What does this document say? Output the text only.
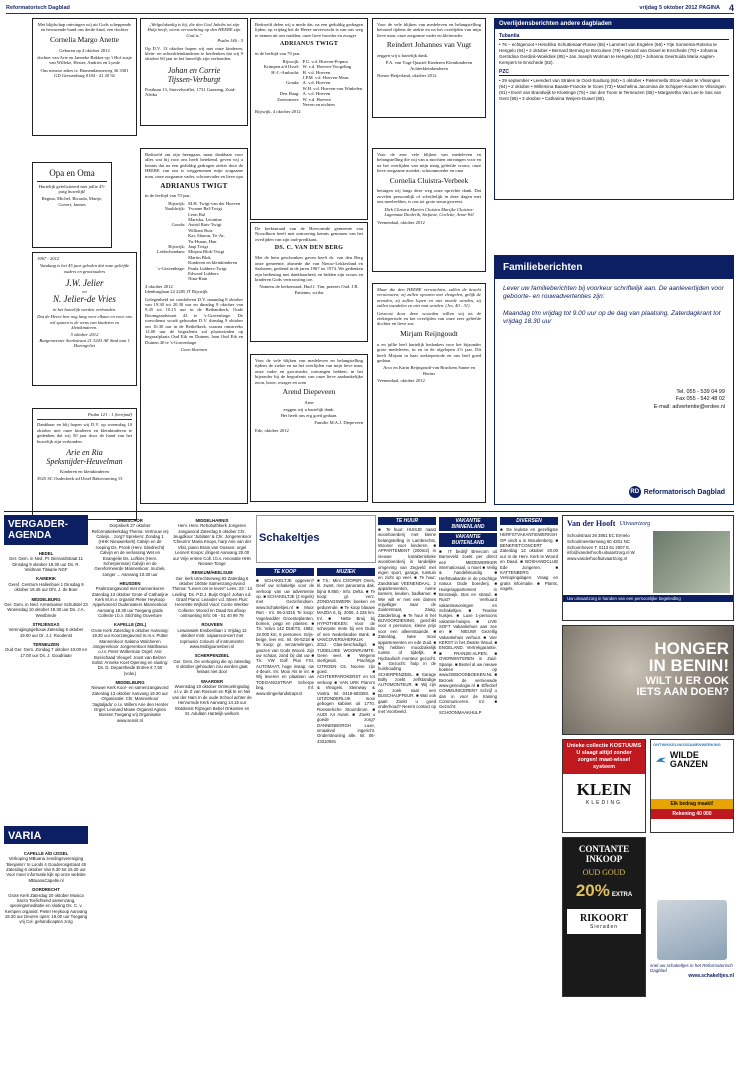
Reformatorisch Dagblad	vrijdag 5 oktober 2012 PAGINA 4
Met blijdschap ontvingen wij uit Gods scheppende en bewarende hand ons derde kind, een dochter
Cornelia Margo Anette
Geboren op 4 oktober 2012
dochter van Arie en Janneke Bakker-op 't Hof zusje van Willeke, Hester, Andries en Lynde
Ons nieuwe adres is: Binnendamseweg 36 3381 GD Giessenburg 0184 - 41 20 92
Opa en Oma
Hartelijk gefeliciteerd met jullie 45-jarig huwelijk!
Regina, Michel, Ricarda, Martje, Govert, Jannes
1967 - 2012
Vandaag is het 45 jaar geleden dat onze geliefde ouders en grootouders
J.W. Jelier
en
N. Jelier-de Vries
in het huwelijk werden verbonden.
Dat de Heere hen nog lang voor elkaar en voor ons wil sparen is de wens van kinderen en kleinkinderen.
5 oktober 2012
Burgemeester Sterkstraat 21 3243 AE Stad aan 't Haringvliet
Psalm 121 : 1 (berijmd)
Dankbaar en blij hopen wij D.V. op woensdag 10 oktober met onze kinderen en kleinkinderen te gedenken dat wij 50 jaar door de hand van het huwelijk zijn verbonden.
Arie en Ria
Speksnijder-Heuvelman
Kinderen en kleinkinderen
3925 SC Oudeckerk ad IJssel Bakovstering 13
„Welgelukzalig is hij, die den God Jakobs tot zijn Hulp heeft, wiens verwachting op den HEERE zijn God is."
Psalm 146 : 5
Op D.V. 13 oktober hopen wij met onze kinderen, klein- en achterkleinkinderen te herdenken dat wij 9 oktober 60 jaar in het huwelijk zijn verbonden.
Johan en Corrie
Tijssen-Verburgt
Posthum 13, Stuivelsvallei, 1731 Gauzeng, Zuid-Afrika
Bedroefd om zijn heengaan, maar dankbaar voor alles wat hij voor ons heeft betekend, geven wij u kennis dat na een geduldig gedragen ziekte door de HEERE van ons is weggenomen mijn zorgzame man, onze zorgzame vader, schoonvader en lieve opa
ADRIANUS TWIGT
in de leeftijd van 70 jaar.
Rijswijk: M.H. Twigt-van der Hoeven
Naaldwijk: Yvonne Bal-Twigt
Leon Bal
Mariska, Leontine
Gouda: Astrid Ruis-Twigt
William Ruis
Kai, Sharon, Yo-Ar,
Yu-Hsuan, Han
Rijswijk: Jaap Twigt
Leidschendam: Mirjam Blok-Twigt
Martin Blok
Kinderen en kleinkinderen
's-Gravenhage: Paula Lubbers-Twigt
Edward Lubbers
Nina-Rian
4 oktober 2012
Idenburglaan 22 2285 JT Rijswijk
Gelegenheid tot condoleren D.V. maandag 8 oktober van 19.30 tot 20.30 uur en dinsdag 9 oktober van 9.45 tot 10.15 uur in de Bethanikerk, Oude Boomgaardstraat 43 te 's-Gravenhage. De rouwdienst wordt gehouden D.V. dinsdag 9 oktober om 10.30 uur in de Bethelkerk, waarna omstreeks 12.00 uur de begrafenis zal plaatsvinden op begraafplaats Oud Eik en Duinen, laan Oud Eik en Duinen 40 te 's-Gravenhage.
Geen bloemen
Bedroefd delen wij u mede dat, na een geduldig gedragen lijden, op vrijdag het de Heere onverwacht is van ons weg te nemen uit ons midden, onze lieve broeder en zwager
ADRIANUS TWIGT
in de leeftijd van 70 jaar.
Rijswijk: P.G. v.d. Hoeven-Popma
Krimpen a/d IJssel: W. v.d. Hoeven-Voogeling
H.-I.-Ambacht: H. v.d. Hoeven
J.P.M. v.d. Hoeven-Maas
Gouda: A. v.d. Hoeven
W.H. v.d. Hoeven-van Winkelen
Den Haag: A. v.d. Hoeven
Zoetermeer: W. v.d. Hoeven
Neven en nichten
Rijswijk, 4 oktober 2012
De kerkenraad van de Hervormde gemeente van Noordhorn heeft met ontroering kennis genomen van het overlijden van zijn oud-predikant,
DS. C. VAN DEN BERG
Met de hem geschonken gaven heeft ds. van den Berg onze gemeente, alsmede die van Nieuw-Lekkerland en Sasbaren, gediend in de jaren 1967 tot 1974. We gedenken zijn bediening met dankbaarheid, en bidden zijn vrouw en kinderen Gods vertroosting toe.
Namens de kerkenraad, Hud J. Tim, praeses Oud. J.R. Pattenns, scriba
Voor de vele blijken van medeleven en belangstelling tijdens de ziekte en na het overlijden van mijn lieve man, onze vader en grootvader, ontvangen hebben, in het bijzonder bij de begrafenis van onze lieve aanhankelijke zoon, broer, zwager en oom
Arend Diepeveen
Arne
zeggen wij u hartelijk dank.
Het heeft ons erg goed gedaan.
Familie M.A.J. Diepeveen
Ede, oktober 2012
Voor de vele blijken van medeleven en belangstelling betoond tijdens de ziekte en na het overlijden van mijn lieve man, onze zorgzame vader en kleinvader
Reindert Johannes van Vugt
zeggen wij u hartelijk dank.
P.A. van Vugt-Quartel Kinderen Kleinkinderen Achterkleinkinderen
Nieuw-Beijerland, oktober 2012
Voor de zeer vele blijken van medeleven en belangstelling die wij van u mochten ontvangen voor en na het overlijden van mijn innig geliefde vrouw, onze lieve zorgzame moeder, schoonmoeder en oma
Cornelia Cluistra-Verbeek
betuigen wij langs deze weg onze oprechte dank. Dat zovelen persoonlijk of schriftelijk in deze dagen met ons meeleefden, is ons tot grote steun geweest.
Dirk Cluistra Marien Cluistra Marijke Cluistra-Lagemaat Diederik, Stefanie, Corlette, Anne-Wil
Veenendaal, oktober 2012
Maar die den HEERE verwachten, zullen de kracht vernieuwen; zij zullen opvaren met vleugelen, gelijk de arenden, zij zullen lopen en niet moede worden, zij zullen wandelen en niet mat worden. (Jes. 40 : 31)
Getroost door deze woorden willen wij na de ziekteperiode en het overlijden van onze zeer geliefde dochter en lieve zus
Mirjam Reijngoudt
u en jullie heel hartelijk bedanken voor het bijzonder grote medeleven, in en in de afgelopen 2½ jaar. Dit heeft Mirjam in haar ziekteperiode en ons heel goed gedaan.
Arco en Karin Reijngoudt-van Bruchem Sanne en Bertus
Veenendaal, oktober 2012
Overlijdensberichten andere dagbladen
Tubantia
• 76 ‒ echtgenoot • Hendrika Schuttenaar-Rosse (65) • Lammert van Engelen (66) • Ytje Sonnema-Rotsma te Hengelo (94) • 2 oktober • Bernard Berning te Borculoen (79) • Gerard van Dissel te Enschede (79) • Johanna Gerritdina Gerdink-Woeldink (85) • Jan Joseph Wolman te Hengelo (92) • Johanna Geertruida Maria Aagten-Kempers te Enschede (82).
PZC
• 29 september • Leendert van Stralen te Oost-Souburg (84) • 1 oktober • Pietermella Stroe-Vader te Vlissingen (94) • 2 oktober • Willemina Baaste-Francke te Goes (73) • Machelina Jacomina de Schipper-Kooten te Vlissingen (81) • Evert van Brandwijk te Kloetinge (75) • Jan den Toom te Terneuzen (85) • Margaretha Van Lee te Sas van Gent (95) • 3 oktober • Catharina Weijers-Duwel (85).
Familieberichten
Lever uw familieberichten bij voorkeur schriftelijk aan. De aanlevertijden voor geboorte- en rouwadvertenties zijn:
Maandag t/m vrijdag tot 9.00 uur op de dag van plaatsing. Zaterdagkrant tot vrijdag 18.30 uur
Tel. 055 - 539 04 99
Fax 055 - 542 48 02
E-mail: advertentie@erdee.nl
RD Reformatorisch Dagblad
VERGADER- AGENDA
HEDEL
Ger. Gem. in Ned. Pr. Bernardstraat 11 Dinsdag 9 oktober 19.30 uur Ds. R. Veldman Titwarie NGF
KAMERIK
Geref. Centrum Hallenboei 1 Dinsdag 9 oktober 19.45 uur Dhr. J. de Boer
MIDDELBURG
Ger. Gem. in Ned. Armenianse Schuttdel 23 Woensdag 10 oktober 19.30 uur Ds. J.A. Westbrede
STRIJENSAS
Verenigingsgebouw Zaterdag 6 oktober 19.00 uur Dr. J.J. Roodenst
TERNEUZEN
Oud Ger. Gem. Zondag 7 oktober 10.00 en 17.00 uur Ds. J. Goudriaan
VARIA
CAPELLE A/D IJSSEL
Verkoping MBuana zendingsvereniging 'Benjamin' In Loods 4 Gouderosgstraat 45 Zaterdag 6 oktober Van 9.30 tot 15.30 uur Voor meer informatie kijk op onze website MBuanaCapelle.nl
DORDRECHT
Grote Kerk Zaterdag 20 oktober Musica Sacra Toelichtend samenzang, openingsmeditatie en sluiting Ds. C. v. Kempen organist: Pieter Heykoop Aanvang 19.30 uur Deuren open: 19.00 uur Toegang vrij Col. gehandicapten zorg
DREISCHOR
Dorpskerk 27 oktober Reformatiekerkdag Thema: Vertrouw vrij Calvijn... zorg? Sprekers: Zondag 1 (HHK Nieuwerkerk) Calvijn en de roeping Ds. Pronk (Herv. Sliedrecht) Calvijn en de verlossing Wet en Evangelie Ds. Lufkins (Herv. Scherpenisse) Calvijn en de Gereformeerde Mannenkoor, muziek, zanger ... Aanvang 10.30 uur
HEUSDEN
Psalmzangavond met mannenkoren Zaterdag 13 oktober Grote of Catharijne Kerk M.m.v. organist Pieter Heykoop Appelvonerd Ouderwaters Mannenkoor Aanvang 19.30 uur Toegang gratis Collecte t.b.v. Stichting Ouverture
KAPELLE (ZEL)
Grote Kerk Zaterdag 6 oktober Aanvang: 19.30 uur Koorzangavond m.m.v. Putter Mannenkoor Salamo Walcheren Jongerenkoor Jongerenkoor Matthaeus o.l.v. Peter Wolterman Orgel: Arie Bosschaad Vleugel: Joost van Belzen Solist: Anneke Koet Opening en sluiting: Ds. D. Depantheide Entree € 7,50 (volw.)
MIDDELBURG
Nieuwe Kerk Koor- en samenzangavond Zaterdag 13 oktober Aanvang 19.30 uur Organisatie: Chr. Mannenkoor 'Jagtaljadu' o.l.v. Willem Arie den Herder Orgel: Leonard Mowe Organist Agnes Bussen Toegang vrij Organisatie www.sensit.nl
MIDDELHARNIS
Herv. Herv. Rehobothkerk Jongeren zangavond Zaterdag 6 oktober Chr. Jeugdkoor 'Jubilate' & Chr. Jongerenkoor 'Cheurim' Maria Knops, harp Arie van der Vlist, piano Bram van Oussen: orgel Lennert Knops: dirigent Aanvang 20.00 uur Vrije entree Coll. t.b.v. renovatie HHK Nieuwe-Tonge
RENKUM/HEELSUM
Ger. kerk Utrechtseweg 83 Zaterdag 6 oktober 160ste Samenzang-avond Thema: "Leven om te leven" Lees: 23 : 14 Leiding: Ds. P.D.J. Buijs Orgel: Johan v.d. Graaf Piano: Leander v.d. Steen Fluit: Henriëtte Wijhold Viool: Corrie Werkter Collecte: Woord en Daad Na afloop ontmoeting Info: 06 - 51 40 99 78
ROUVEEN
Lewanwiek Ensbenfaan 1 Vrijdag 12 oktober Instr. najaarsconcert met topmusici Colours of instruments! www.Mobijpunenberi.nl
SCHERPENZEEL
Ger. Gem. De verkoping die op zaterdag 6 oktober gehouden zou worden gaat helaas niet door
WAARDER
Woensdag 10 oktober Ontmoetingsdag o.l.v. de Z van Rossum en Rijk te en Nel van der Ham In de oude School achter de Hervormde Kerk Aanvang 14.15 uur Slotdienst Rijzegen Bebel Onkosten en St. Adullam Hartelijk welkom
Schakeltjes
TE KOOP
■ SCHAKELTJE opgeven? Geef uw schakeltje voor de verkoop van uw advertentie op. ■ SCHAKELTJE (2 regels) met Gezinfondsen. www.Schakeltjes.nl ■ Moor Riet - Inl. 06-24315 Te koop: Vogelvodder Groenteplanten, bomen, pegp en planten. ■ T.k. Volvo 142 DUETS, 1982, 19.000 km, 6 personen. Grijs-beige, leer etc. Inl. 06-5218 ■ Te koop: gr. verzamelingen, ganzen van Gods Woord. Zijn uw schaar, zand bij dat uw ■ T.k. VW Golf Plus FSI, AUTOMAAT, hoge instap, nw 4-deurs. Inr. Mooi Als te inr. ■ Wij leveren en plaatsen uw TOEGANGSTRAP. Scherpe beg. Inf. www.slingerlandstrapt.nl
MUZIEK
■ T.k.: Mini COOPER Ones, kl. zwart, met panorama dak, bijna 9.850,- Info: Delta. ■ Te koop: gr. verz. ZONDAGSWERK boeken en gedurende. ■ Te koop blauwe MAZDA 5, bj. 2006, 4.225 km. Inl. ■ Nette Bruij bij HYPOTHEKEN: Voor de scherpste rente bij een Duits of een Nederlandse Bank. ■ VANCOVERS/HERKLIK 2012. Glas-beschadigd. ■ TIJDELIJKE WOONRUIMTE. Geen veel. ■ Wegens sterfgeval. Prachtige CITROEN C5. Noorse zijn goed. ■ ACHTERPAROKERST en tot verkoop ■ VAN URK Piano's & Vleugels. Steinway & Vostra. Inl. 0418-683393. ■ UITZONDERLIJK mooi gebogen kabinet uit 1770. Roesselsche Stoombrom. ■ AUDI A4 Avant. ■ Zoekt u goede zorg? DANNENBORGH Luxe, smaakvol ingericht. Ondersteuning alle. Inl. 06-43310591
TE HUUR
■ Te huur: HUISJE naast woonboerderij met kleine belangstelling in Lambrechts, Wooner voor kinderen. ■ APPARTEMENT (200m2) in nieuwe karakteristieke woonboerderij in landelijke omgeving van Zegveld met eigen sport, garage, tuintuin en zicht op veel. ■ Te huur: Zandstraat VEENENDAAL. 2 appartementen, ruime kamers, keuken, badkamer. ■ Wie wilt er met een dames vrijwilliger naar de Zuiderstraat, Zaag, Zanderbrug. ■ Te huur in het BIJVOORZIENING, geschikt voor 4 personen, kleine prijs voor een alleenstaande. ■ Zaterdag, twee mooi appartementen en ede Zuid. ■ Wij hebben moodzakelijk ruimte of tijdelijk. ■ Hydraulisch monteur gezocht. ■ Gezocht: hulp in de huishouding SCHERPENZEEL. ■ Garage Bolly zoekt zelfstandige AUTOMONTEUR. ■ Wij zijn op zoek naar een BUSCHAUFFEUR. ■ Wat ook gaat! Zoekt u goed onderhoud? Neemt contact op met Voorbeeld.
VAKANTIE BINNENLAND
VAKANTIE BUITENLAND
■ IT bedrijf Breecom uit Barneveld zoekt per direct een MEDEWERKER internationaal, u moet ■ Veilig & handelskundig ■ Herfstvakantie in de prachtige natuur. Oude boerderij. ■ Huisje/appartement in Bronswijk. Bos en strand. ■ Rust? Verhuurd vakantiewoningen en Schakeltjes. ■ Texelse huisjes. ■ Luxe 1-persoons vakantie-huisjes. ■ LIVE SOFT Vakantiehuis aan zee en ■ NIEUW! Gezellig Vakantiehuis verhuur. ■ Vier KERST in het Zwarte Woud. ■ ENGELAND. Vertrekgarantie. ■ FRANSE-ALPEN. ■ OVERWINTEREN in Zuid-Spanje. ■ Bestel al uw nieuwe boeken op www.DEBOOSBOEKEN.NL ■ Bezoek de vernieuwde www.geneologie.nl ■ Effectief COMMUNICEREN? Schrijf u dan in voor de training Communiceren. Inl. ■ Gezocht: SCHOONMAAKHULP
DIVERSEN
■ De leukste en gezelligste HERFSTVAKANTIEWERKSHOP vindt u in Woudenberg. ■ BENEFIETCONCERT Zaterdag 13 oktober 20.00 uur in de Herv. Kerk te Woord en Daad. ■ BOSHANDCLUB Ede Jongeren. ■ KATTENBERG Verkopingdagen. Vraag en gratis informatie. ■ Plants, vogels.
Van der Hooft Uitvaartzorg
Schoolstraat 26 3851 EC Ermelo Schoolmeestersweg 60 4201 NC Schoonhoven T. 0113 61 2007 E. info@vanderhooft-uitvaartzorg.nl W. www.vanderhooftuitvaartzorg.nl
Uw uitvaartzorg in handen van een persoonlijke begeleiding
HONGER
IN BENIN!
WILT U ER OOK
IETS AAN DOEN?
Unieke collectie KOSTUUMS U slaagt altijd zonder zorgen! maat-wissel systeem
KLEIN
KLEDING
ONTWIKKELINGSSAMENWERKING
WILDE GANZEN
Elk bedrag maakt!
Rekening 40 000
CONTANTE
INKOOP
OUD GOUD
20% EXTRA
RIKOORT
Sieraden
snel uw schakeltjes in het Reformatorisch Dagblad
www.schakeltjes.nl
